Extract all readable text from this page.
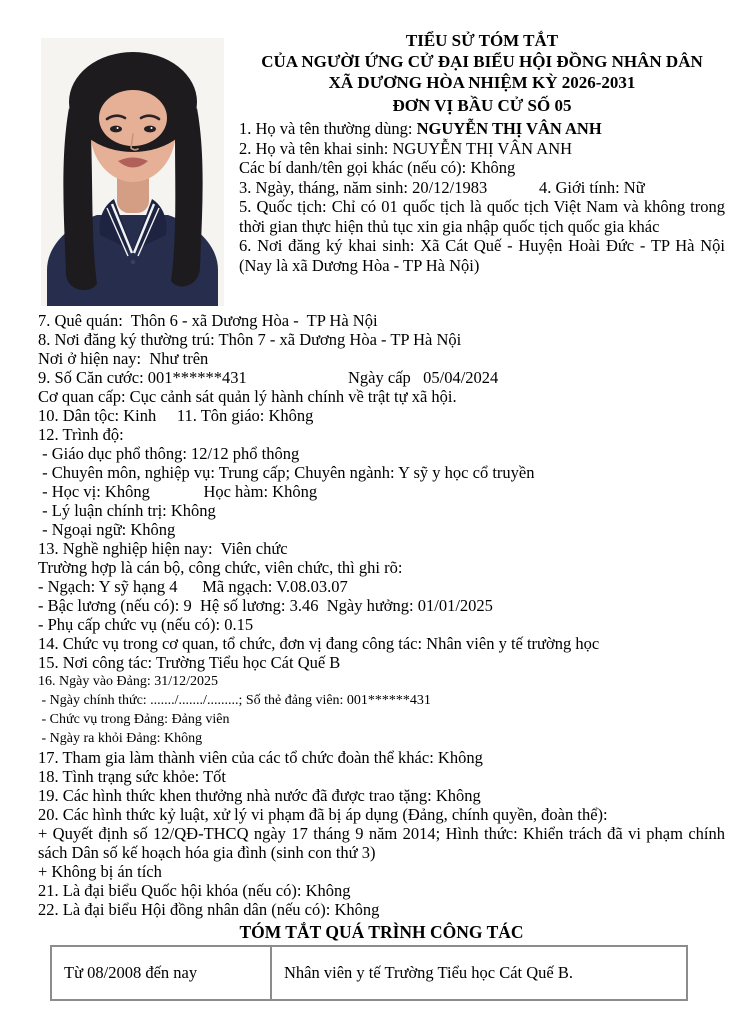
TIỂU SỬ TÓM TẮT
CỦA NGƯỜI ỨNG CỬ ĐẠI BIỂU HỘI ĐỒNG NHÂN DÂN
XÃ DƯƠNG HÒA NHIỆM KỲ 2026-2031
ĐƠN VỊ BẦU CỬ SỐ 05
1. Họ và tên thường dùng: NGUYỄN THỊ VÂN ANH
2. Họ và tên khai sinh: NGUYỄN THỊ VÂN ANH
Các bí danh/tên gọi khác (nếu có): Không
3. Ngày, tháng, năm sinh: 20/12/1983	4. Giới tính: Nữ
5. Quốc tịch: Chỉ có 01 quốc tịch là quốc tịch Việt Nam và không trong thời gian thực hiện thủ tục xin gia nhập quốc tịch quốc gia khác
6. Nơi đăng ký khai sinh: Xã Cát Quế - Huyện Hoài Đức - TP Hà Nội (Nay là xã Dương Hòa - TP Hà Nội)
7. Quê quán:  Thôn 6 - xã Dương Hòa -  TP Hà Nội
8. Nơi đăng ký thường trú: Thôn 7 - xã Dương Hòa - TP Hà Nội
Nơi ở hiện nay:  Như trên
9. Số Căn cước: 001******431	Ngày cấp   05/04/2024
Cơ quan cấp: Cục cảnh sát quản lý hành chính về trật tự xã hội.
10. Dân tộc: Kinh     11. Tôn giáo: Không
12. Trình độ:
- Giáo dục phổ thông: 12/12 phổ thông
- Chuyên môn, nghiệp vụ: Trung cấp; Chuyên ngành: Y sỹ y học cổ truyền
- Học vị: Không             Học hàm: Không
- Lý luận chính trị: Không
- Ngoại ngữ: Không
13. Nghề nghiệp hiện nay:  Viên chức
Trường hợp là cán bộ, công chức, viên chức, thì ghi rõ:
- Ngạch: Y sỹ hạng 4      Mã ngạch: V.08.03.07
- Bậc lương (nếu có): 9  Hệ số lương: 3.46  Ngày hưởng: 01/01/2025
- Phụ cấp chức vụ (nếu có): 0.15
14. Chức vụ trong cơ quan, tổ chức, đơn vị đang công tác: Nhân viên y tế trường học
15. Nơi công tác: Trường Tiểu học Cát Quế B
16. Ngày vào Đảng: 31/12/2025
- Ngày chính thức: ......./......./.........; Số thẻ đảng viên: 001******431
- Chức vụ trong Đảng: Đảng viên
- Ngày ra khỏi Đảng: Không
17. Tham gia làm thành viên của các tổ chức đoàn thể khác: Không
18. Tình trạng sức khỏe: Tốt
19. Các hình thức khen thưởng nhà nước đã được trao tặng: Không
20. Các hình thức kỷ luật, xử lý vi phạm đã bị áp dụng (Đảng, chính quyền, đoàn thể):
+ Quyết định số 12/QĐ-THCQ ngày 17 tháng 9 năm 2014; Hình thức: Khiển trách đã vi phạm chính sách Dân số kế hoạch hóa gia đình (sinh con thứ 3)
+ Không bị án tích
21. Là đại biểu Quốc hội khóa (nếu có): Không
22. Là đại biểu Hội đồng nhân dân (nếu có): Không
TÓM TẮT QUÁ TRÌNH CÔNG TÁC
Từ 08/2008 đến nay	Nhân viên y tế Trường Tiểu học Cát Quế B.
